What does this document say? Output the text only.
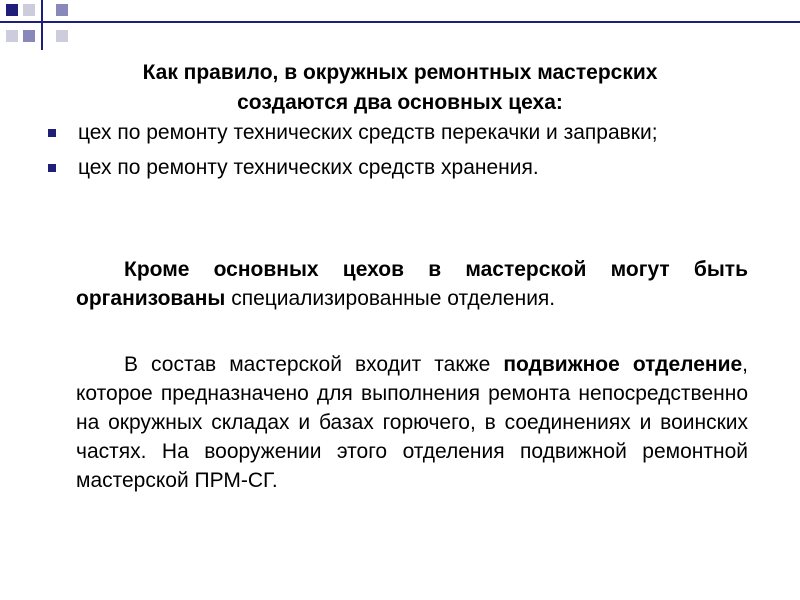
Как правило, в окружных ремонтных мастерских
создаются два основных цеха:
цех по ремонту технических средств перекачки и заправки;
цех по ремонту технических средств хранения.
Кроме основных цехов в мастерской могут быть организованы специализированные отделения.
В состав мастерской входит также подвижное отделение, которое предназначено для выполнения ремонта непосредственно на окружных складах и базах горючего, в соединениях и воинских частях. На вооружении этого отделения подвижной ремонтной мастерской ПРМ-СГ.
